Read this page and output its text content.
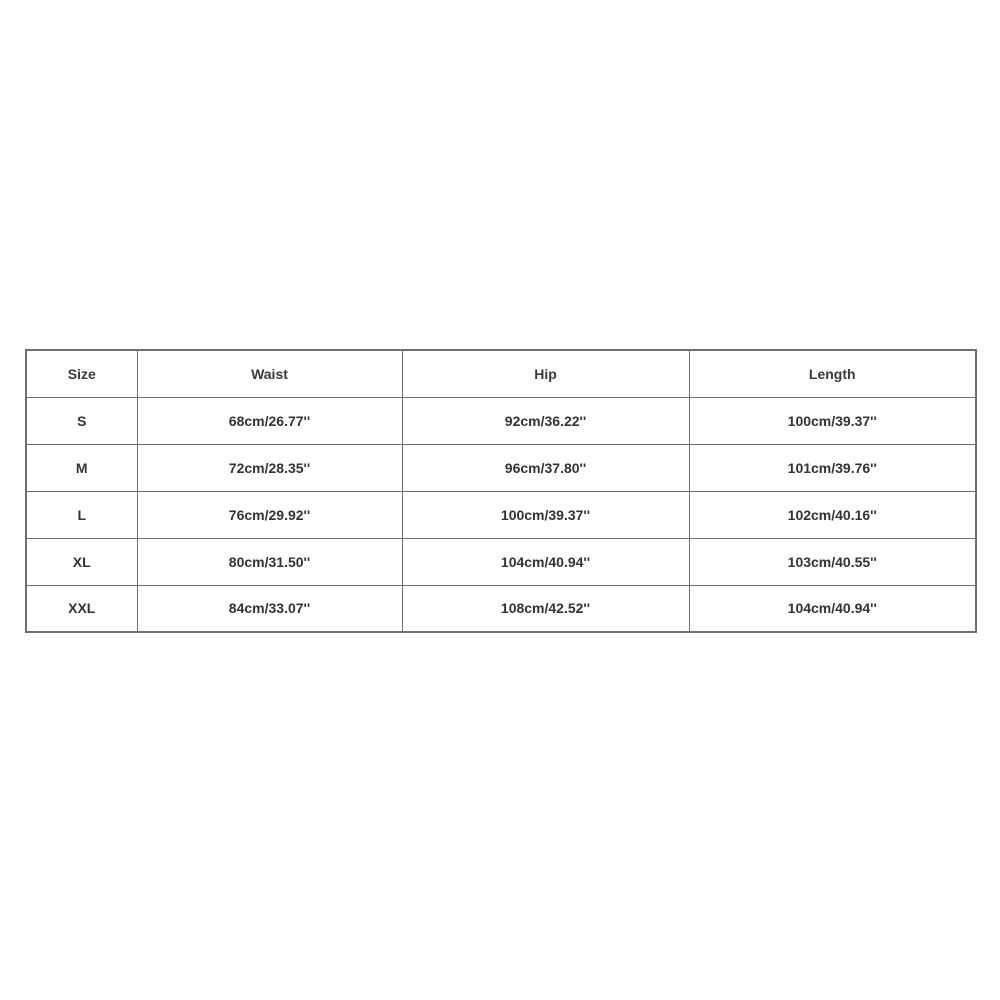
Size	Waist	Hip	Length
S	68cm/26.77''	92cm/36.22''	100cm/39.37''
M	72cm/28.35''	96cm/37.80''	101cm/39.76''
L	76cm/29.92''	100cm/39.37''	102cm/40.16''
XL	80cm/31.50''	104cm/40.94''	103cm/40.55''
XXL	84cm/33.07''	108cm/42.52''	104cm/40.94''
